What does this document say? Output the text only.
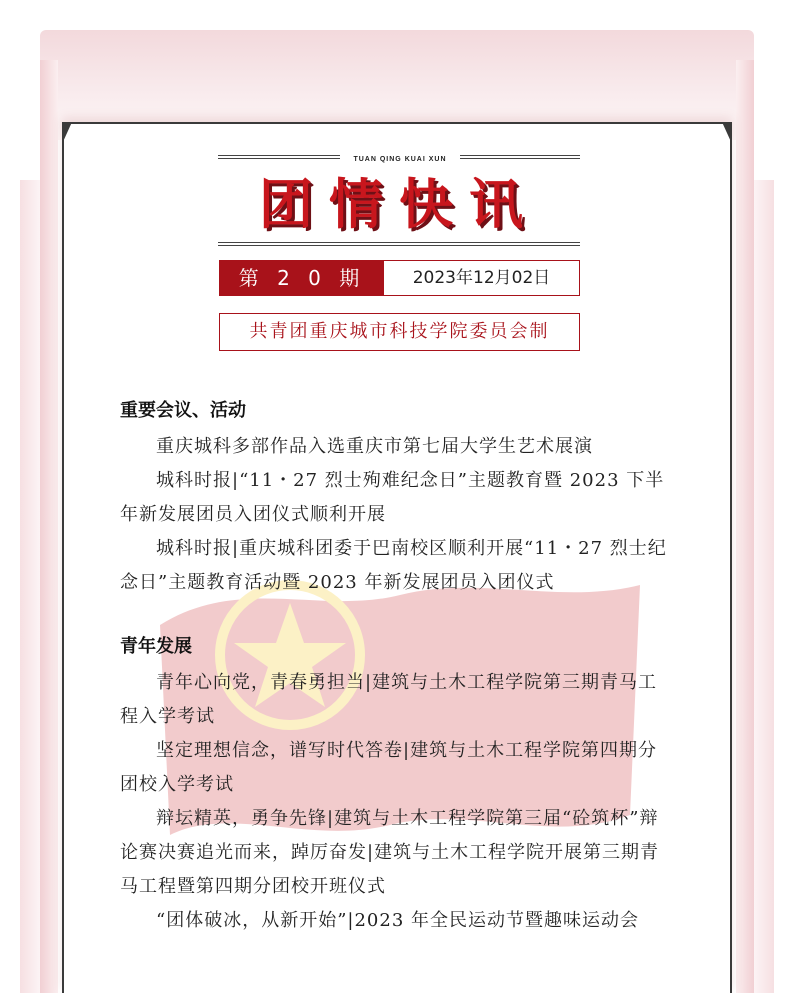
TUAN QING KUAI XUN
团情快讯
第 2 0 期	2023年12月02日
共青团重庆城市科技学院委员会制

重要会议、活动

重庆城科多部作品入选重庆市第七届大学生艺术展演

城科时报|“11・27 烈士殉难纪念日”主题教育暨 2023 下半年新发展团员入团仪式顺利开展

城科时报|重庆城科团委于巴南校区顺利开展“11・27 烈士纪念日”主题教育活动暨 2023 年新发展团员入团仪式

青年发展

青年心向党，青春勇担当|建筑与土木工程学院第三期青马工程入学考试

坚定理想信念，谱写时代答卷|建筑与土木工程学院第四期分团校入学考试

辩坛精英，勇争先锋|建筑与土木工程学院第三届“砼筑杯”辩论赛决赛追光而来，踔厉奋发|建筑与土木工程学院开展第三期青马工程暨第四期分团校开班仪式

“团体破冰，从新开始”|2023 年全民运动节暨趣味运动会
